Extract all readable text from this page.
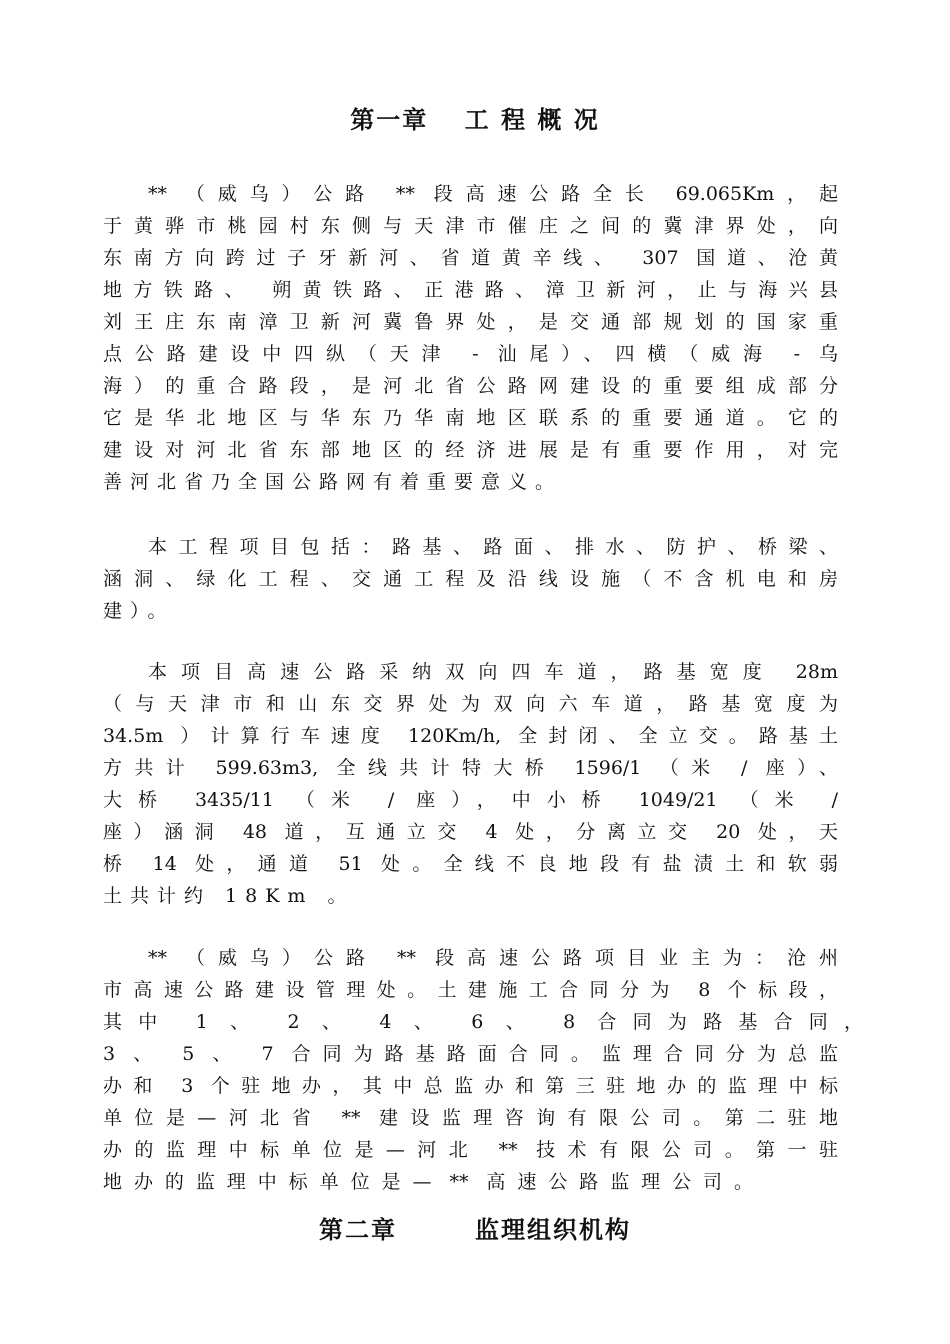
第一章　 工 程 概 况
** （威乌）公路 ** 段高速公路全长 69.065Km，起
于黄骅市桃园村东侧与天津市催庄之间的冀津界处，向
东南方向跨过子牙新河、省道黄辛线、 307 国道、沧黄
地方铁路、 朔黄铁路、正港路、漳卫新河，止与海兴县
刘王庄东南漳卫新河冀鲁界处，是交通部规划的国家重
点公路建设中四纵（天津 - 汕尾）、四横（威海 - 乌
海）的重合路段，是河北省公路网建设的重要组成部分
它是华北地区与华东乃华南地区联系的重要通道。它的
建设对河北省东部地区的经济进展是有重要作用，对完
善河北省乃全国公路网有着重要意义。
本工程项目包括：路基、路面、排水、防护、桥梁、
涵洞、绿化工程、交通工程及沿线设施（不含机电和房
建）。
本项目高速公路采纳双向四车道，路基宽度 28m
（与天津市和山东交界处为双向六车道，路基宽度为
34.5m ）计算行车速度 120Km/h, 全封闭、全立交。路基土
方共计 599.63m3, 全线共计特大桥 1596/1 （米 / 座）、
大桥 3435/11 （米 / 座），中小桥 1049/21 （米 /
座）涵洞 48 道，互通立交 4 处，分离立交 20 处，天
桥 14 处，通道 51 处。全线不良地段有盐渍土和软弱
土共计约 18Km 。
** （威乌）公路 ** 段高速公路项目业主为：沧州
市高速公路建设管理处。土建施工合同分为 8 个标段，
其中 1 、 2 、 4 、 6 、 8 合同为路基合同，
3 、 5 、 7 合同为路基路面合同。监理合同分为总监
办和 3 个驻地办，其中总监办和第三驻地办的监理中标
单位是—河北省 ** 建设监理咨询有限公司。第二驻地
办的监理中标单位是—河北 ** 技术有限公司。第一驻
地办的监理中标单位是— ** 高速公路监理公司。
第二章　　　监理组织机构
